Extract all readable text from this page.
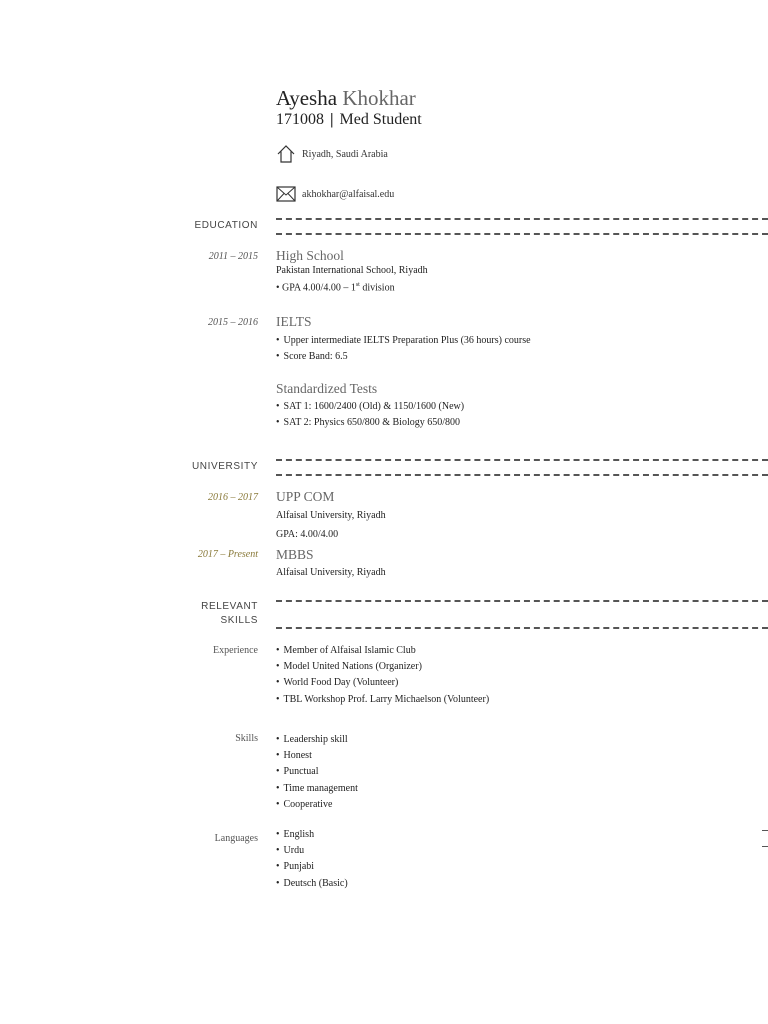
Ayesha Khokhar
171008 | Med Student
Riyadh, Saudi Arabia
akhokhar@alfaisal.edu
EDUCATION
2011 – 2015 High School
Pakistan International School, Riyadh
• GPA 4.00/4.00 – 1st division
2015 – 2016 IELTS
• Upper intermediate IELTS Preparation Plus (36 hours) course
• Score Band: 6.5
Standardized Tests
• SAT 1: 1600/2400 (Old) & 1150/1600 (New)
• SAT 2: Physics 650/800 & Biology 650/800
UNIVERSITY
2016 – 2017 UPP COM
Alfaisal University, Riyadh
GPA: 4.00/4.00
2017 – Present MBBS
Alfaisal University, Riyadh
RELEVANT
SKILLS
Experience	• Member of Alfaisal Islamic Club
• Model United Nations (Organizer)
• World Food Day (Volunteer)
• TBL Workshop Prof. Larry Michaelson (Volunteer)
Skills	• Leadership skill
• Honest
• Punctual
• Time management
• Cooperative
Languages	• English
• Urdu
• Punjabi
• Deutsch (Basic)
